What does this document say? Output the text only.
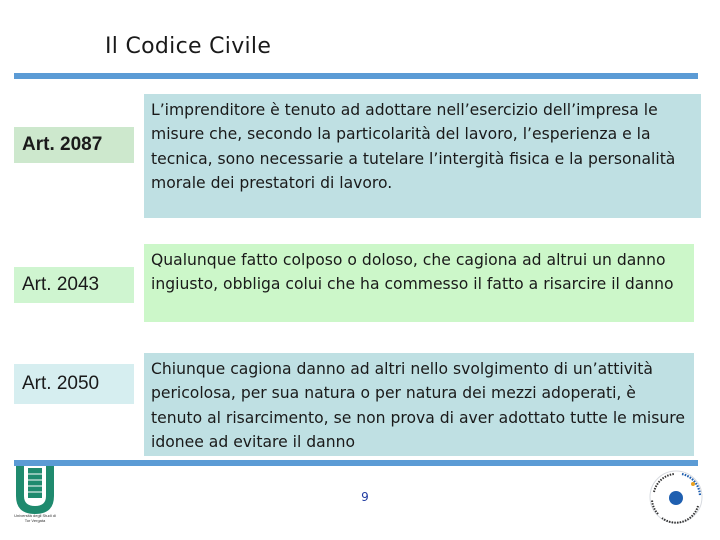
Il Codice Civile
Art. 2087
L’imprenditore è tenuto ad adottare nell’esercizio dell’impresa le misure che, secondo la particolarità del lavoro, l’esperienza e la tecnica, sono necessarie a tutelare l’intergità fisica e la personalità morale dei prestatori di lavoro.
Art. 2043
Qualunque fatto colposo o doloso, che cagiona ad altrui un danno ingiusto, obbliga colui che ha commesso il fatto a risarcire il danno
Art. 2050
Chiunque cagiona danno ad altri nello svolgimento di un’attività pericolosa, per sua natura o per natura dei mezzi adoperati, è tenuto al risarcimento, se non prova di aver adottato tutte le misure idonee ad evitare il danno
9
Università degli Studi di Tor Vergata
